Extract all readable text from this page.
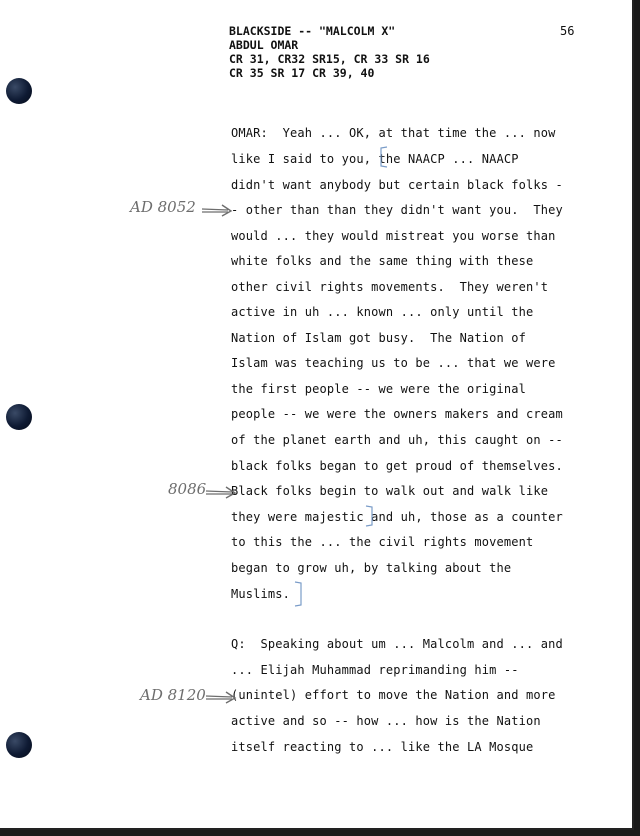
BLACKSIDE -- "MALCOLM X"
ABDUL OMAR
CR 31, CR32 SR15, CR 33 SR 16
CR 35 SR 17 CR 39, 40
56
OMAR:  Yeah ... OK, at that time the ... now
like I said to you, the NAACP ... NAACP
didn't want anybody but certain black folks -
- other than than they didn't want you.  They
would ... they would mistreat you worse than
white folks and the same thing with these
other civil rights movements.  They weren't
active in uh ... known ... only until the
Nation of Islam got busy.  The Nation of
Islam was teaching us to be ... that we were
the first people -- we were the original
people -- we were the owners makers and cream
of the planet earth and uh, this caught on --
black folks began to get proud of themselves.
Black folks begin to walk out and walk like
they were majestic and uh, those as a counter
to this the ... the civil rights movement
began to grow uh, by talking about the
Muslims.
Q:  Speaking about um ... Malcolm and ... and
... Elijah Muhammad reprimanding him --
(unintel) effort to move the Nation and more
active and so -- how ... how is the Nation
itself reacting to ... like the LA Mosque
AD 8052
8086
AD 8120
